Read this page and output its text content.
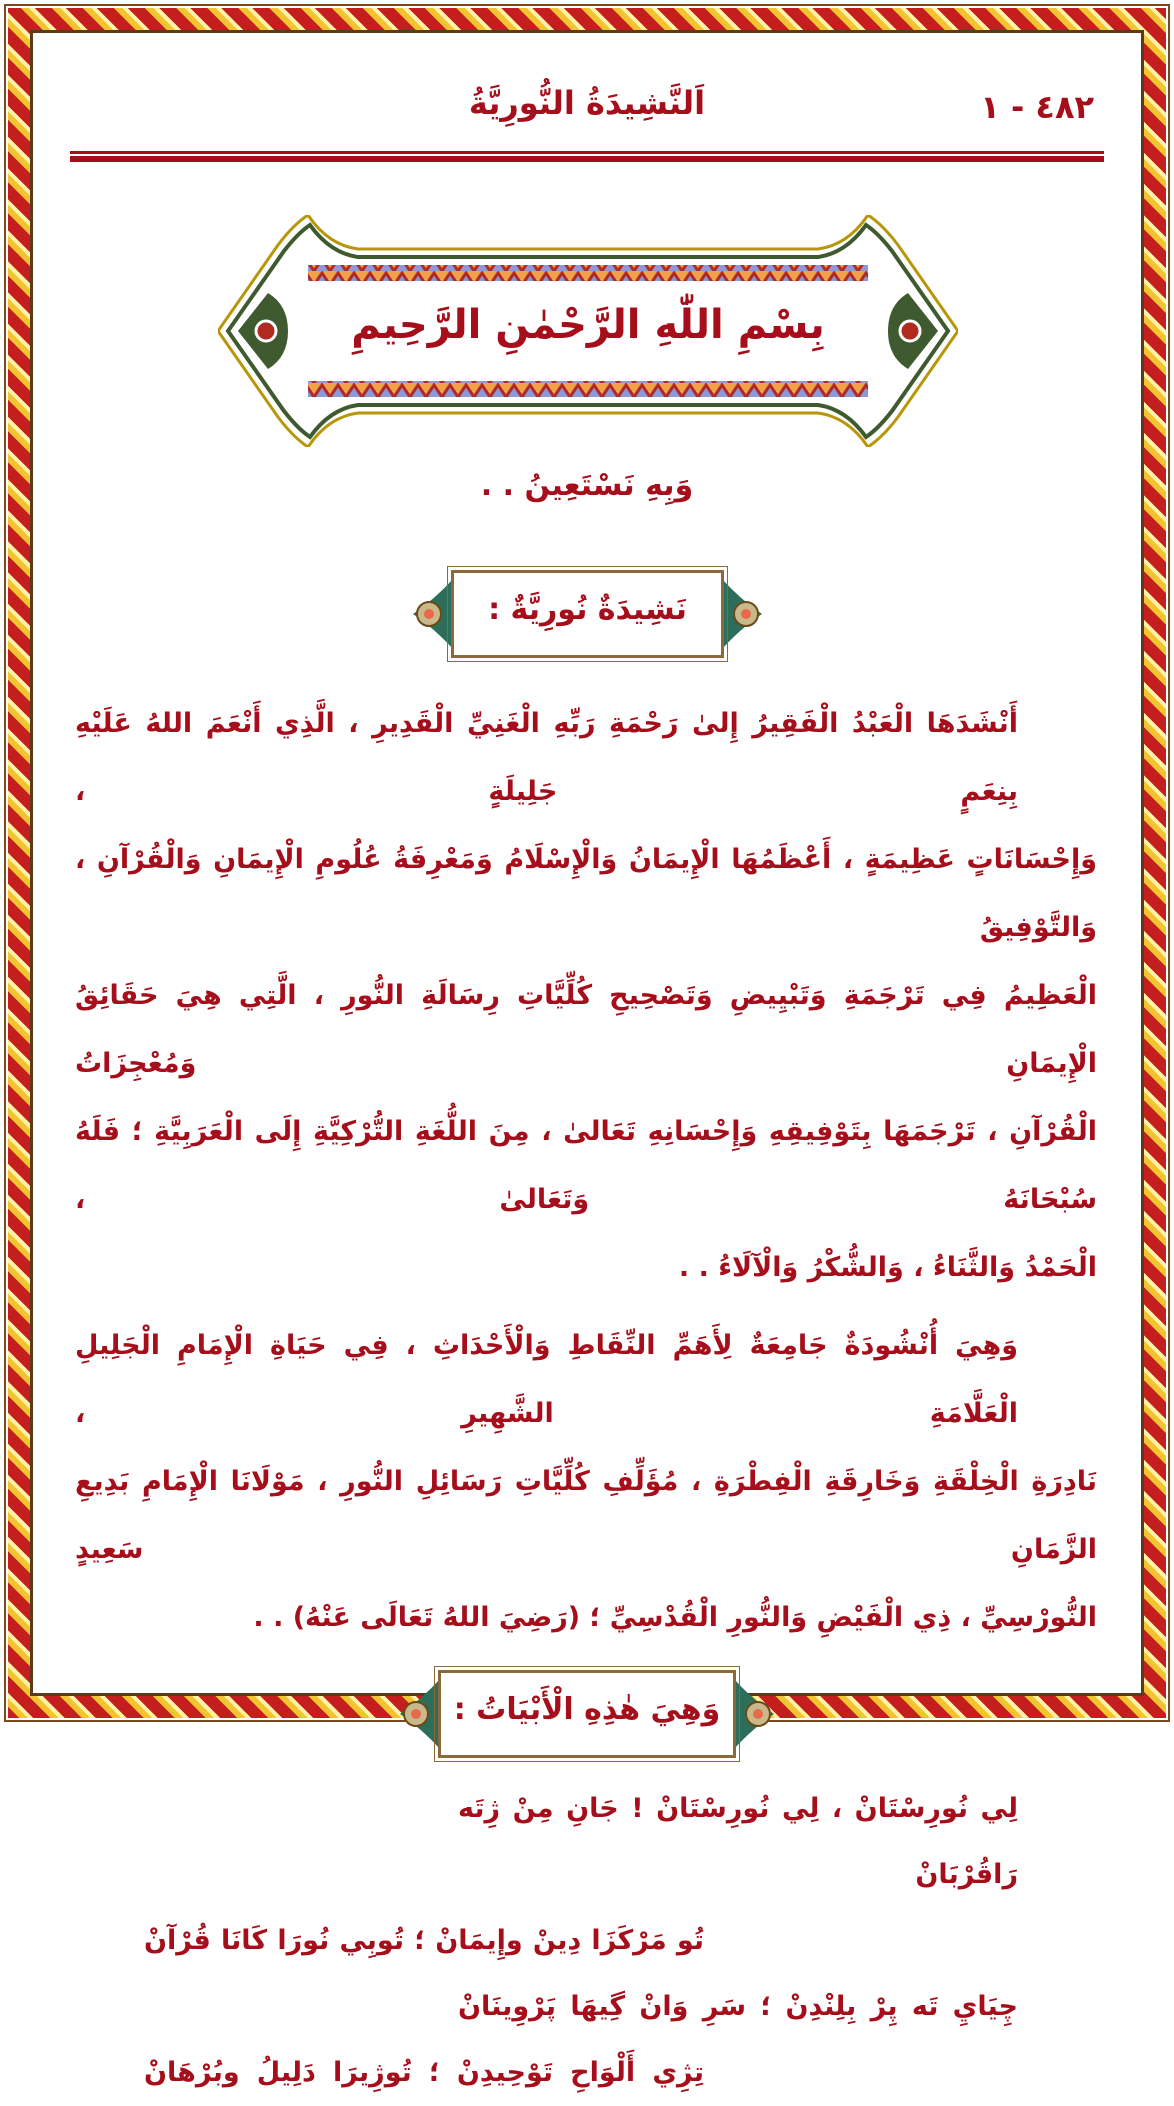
٤٨٢ - ١
اَلنَّشِيدَةُ النُّورِيَّةُ
بِسْمِ اللّٰهِ الرَّحْمٰنِ الرَّحِيمِ
وَبِهِ نَسْتَعِينُ . .
نَشِيدَةٌ نُورِيَّةٌ :
أَنْشَدَهَا الْعَبْدُ الْفَقِيرُ إِلىٰ رَحْمَةِ رَبِّهِ الْغَنِيِّ الْقَدِيرِ ، الَّذِي أَنْعَمَ اللهُ عَلَيْهِ بِنِعَمٍ جَلِيلَةٍ ،
وَإِحْسَانَاتٍ عَظِيمَةٍ ، أَعْظَمُهَا الْإِيمَانُ وَالْإِسْلَامُ وَمَعْرِفَةُ عُلُومِ الْإِيمَانِ وَالْقُرْآنِ ، وَالتَّوْفِيقُ
الْعَظِيمُ فِي تَرْجَمَةِ وَتَبْيِيضِ وَتَصْحِيحِ كُلِّيَّاتِ رِسَالَةِ النُّورِ ، الَّتِي هِيَ حَقَائِقُ الْإِيمَانِ وَمُعْجِزَاتُ
الْقُرْآنِ ، تَرْجَمَهَا بِتَوْفِيقِهِ وَإِحْسَانِهِ تَعَالىٰ ، مِنَ اللُّغَةِ التُّرْكِيَّةِ إِلَى الْعَرَبِيَّةِ ؛ فَلَهُ سُبْحَانَهُ وَتَعَالىٰ ،
الْحَمْدُ وَالثَّنَاءُ ، وَالشُّكْرُ وَالْآلَاءُ . .
وَهِيَ أُنْشُودَةٌ جَامِعَةٌ لِأَهَمِّ النِّقَاطِ وَالْأَحْدَاثِ ، فِي حَيَاةِ الْإِمَامِ الْجَلِيلِ الْعَلَّامَةِ الشَّهِيرِ ،
نَادِرَةِ الْخِلْقَةِ وَخَارِقَةِ الْفِطْرَةِ ، مُؤَلِّفِ كُلِّيَّاتِ رَسَائِلِ النُّورِ ، مَوْلَانَا الْإِمَامِ بَدِيعِ الزَّمَانِ سَعِيدٍ
النُّورْسِيِّ ، ذِي الْفَيْضِ وَالنُّورِ الْقُدْسِيِّ ؛ (رَضِيَ اللهُ تَعَالَى عَنْهُ) . .
وَهِيَ هٰذِهِ الْأَبْيَاتُ :
لِي نُورِسْتَانْ ، لِي نُورِسْتَانْ ! جَانِ مِنْ ژِتَه رَاقُرْبَانْ
تُو مَرْكَزَا دِينْ وإِيمَانْ ؛ تُوبِي نُورَا كَانَا قُرْآنْ
چِيَايِ تَه پِرْ بِلِنْدِنْ ؛ سَرِ وَانْ گِيهَا پَرْوِينَانْ
تِژِي أَلْوَاحِ تَوْحِيدِنْ ؛ تُوژِيرَا دَلِيلُ وبُرْهَانْ
